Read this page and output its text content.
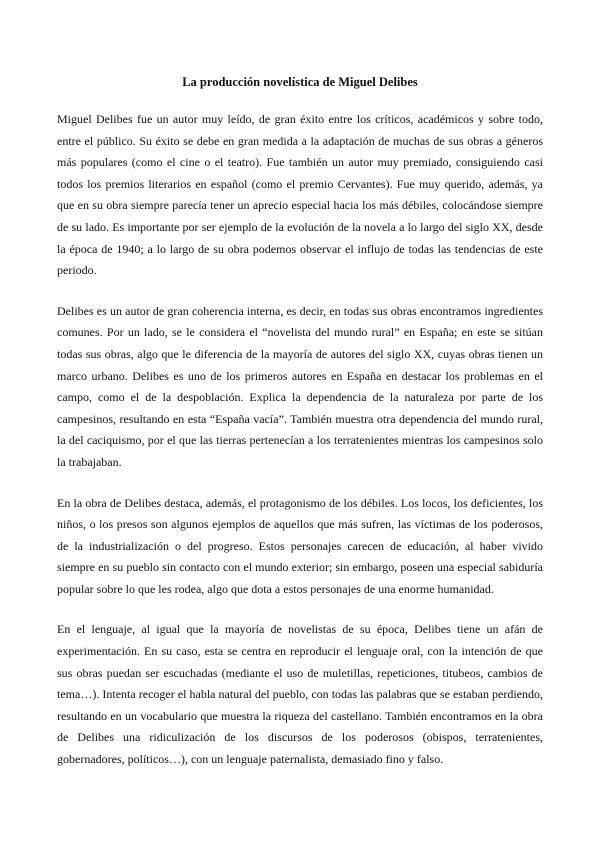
La producción novelística de Miguel Delibes

Miguel Delibes fue un autor muy leído, de gran éxito entre los críticos, académicos y sobre todo, entre el público. Su éxito se debe en gran medida a la adaptación de muchas de sus obras a géneros más populares (como el cine o el teatro). Fue también un autor muy premiado, consiguiendo casi todos los premios literarios en español (como el premio Cervantes). Fue muy querido, además, ya que en su obra siempre parecía tener un aprecio especial hacia los más débiles, colocándose siempre de su lado. Es importante por ser ejemplo de la evolución de la novela a lo largo del siglo XX, desde la época de 1940; a lo largo de su obra podemos observar el influjo de todas las tendencias de este periodo.

Delibes es un autor de gran coherencia interna, es decir, en todas sus obras encontramos ingredientes comunes. Por un lado, se le considera el “novelista del mundo rural” en España; en este se sitúan todas sus obras, algo que le diferencia de la mayoría de autores del siglo XX, cuyas obras tienen un marco urbano. Delibes es uno de los primeros autores en España en destacar los problemas en el campo, como el de la despoblación. Explica la dependencia de la naturaleza por parte de los campesinos, resultando en esta “España vacía”. También muestra otra dependencia del mundo rural, la del caciquismo, por el que las tierras pertenecían a los terratenientes mientras los campesinos solo la trabajaban.

En la obra de Delibes destaca, además, el protagonismo de los débiles. Los locos, los deficientes, los niños, o los presos son algunos ejemplos de aquellos que más sufren, las víctimas de los poderosos, de la industrialización o del progreso. Estos personajes carecen de educación, al haber vivido siempre en su pueblo sin contacto con el mundo exterior; sin embargo, poseen una especial sabiduría popular sobre lo que les rodea, algo que dota a estos personajes de una enorme humanidad.

En el lenguaje, al igual que la mayoría de novelistas de su época, Delibes tiene un afán de experimentación. En su caso, esta se centra en reproducir el lenguaje oral, con la intención de que sus obras puedan ser escuchadas (mediante el uso de muletillas, repeticiones, titubeos, cambios de tema…). Intenta recoger el habla natural del pueblo, con todas las palabras que se estaban perdiendo, resultando en un vocabulario que muestra la riqueza del castellano. También encontramos en la obra de Delibes una ridiculización de los discursos de los poderosos (obispos, terratenientes, gobernadores, políticos…), con un lenguaje paternalista, demasiado fino y falso.
